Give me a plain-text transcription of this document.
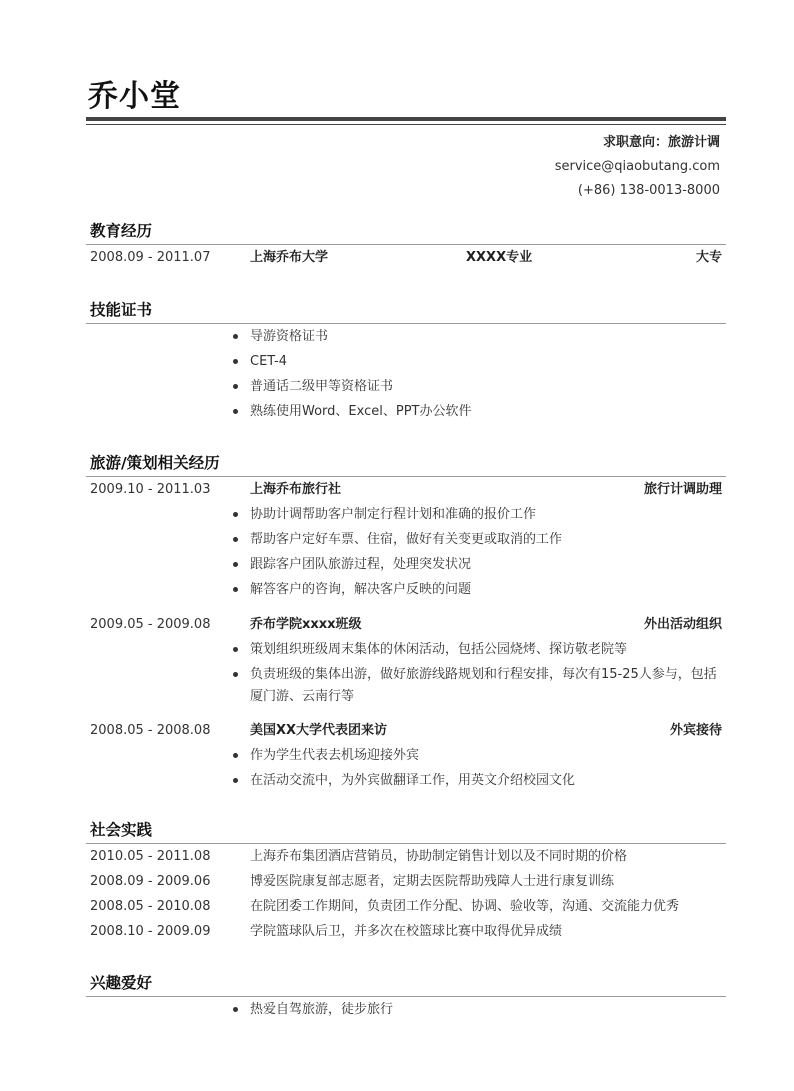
乔小堂
求职意向：旅游计调
service@qiaobutang.com
(+86) 138-0013-8000
教育经历
2008.09 - 2011.07	上海乔布大学	XXXX专业	大专
技能证书
导游资格证书
CET-4
普通话二级甲等资格证书
熟练使用Word、Excel、PPT办公软件
旅游/策划相关经历
2009.10 - 2011.03	上海乔布旅行社	旅行计调助理
协助计调帮助客户制定行程计划和准确的报价工作
帮助客户定好车票、住宿，做好有关变更或取消的工作
跟踪客户团队旅游过程，处理突发状况
解答客户的咨询，解决客户反映的问题
2009.05 - 2009.08	乔布学院xxxx班级	外出活动组织
策划组织班级周末集体的休闲活动，包括公园烧烤、探访敬老院等
负责班级的集体出游，做好旅游线路规划和行程安排，每次有15-25人参与，包括厦门游、云南行等
2008.05 - 2008.08	美国XX大学代表团来访	外宾接待
作为学生代表去机场迎接外宾
在活动交流中，为外宾做翻译工作，用英文介绍校园文化
社会实践
2010.05 - 2011.08	上海乔布集团酒店营销员，协助制定销售计划以及不同时期的价格
2008.09 - 2009.06	博爱医院康复部志愿者，定期去医院帮助残障人士进行康复训练
2008.05 - 2010.08	在院团委工作期间，负责团工作分配、协调、验收等，沟通、交流能力优秀
2008.10 - 2009.09	学院篮球队后卫，并多次在校篮球比赛中取得优异成绩
兴趣爱好
热爱自驾旅游，徒步旅行
